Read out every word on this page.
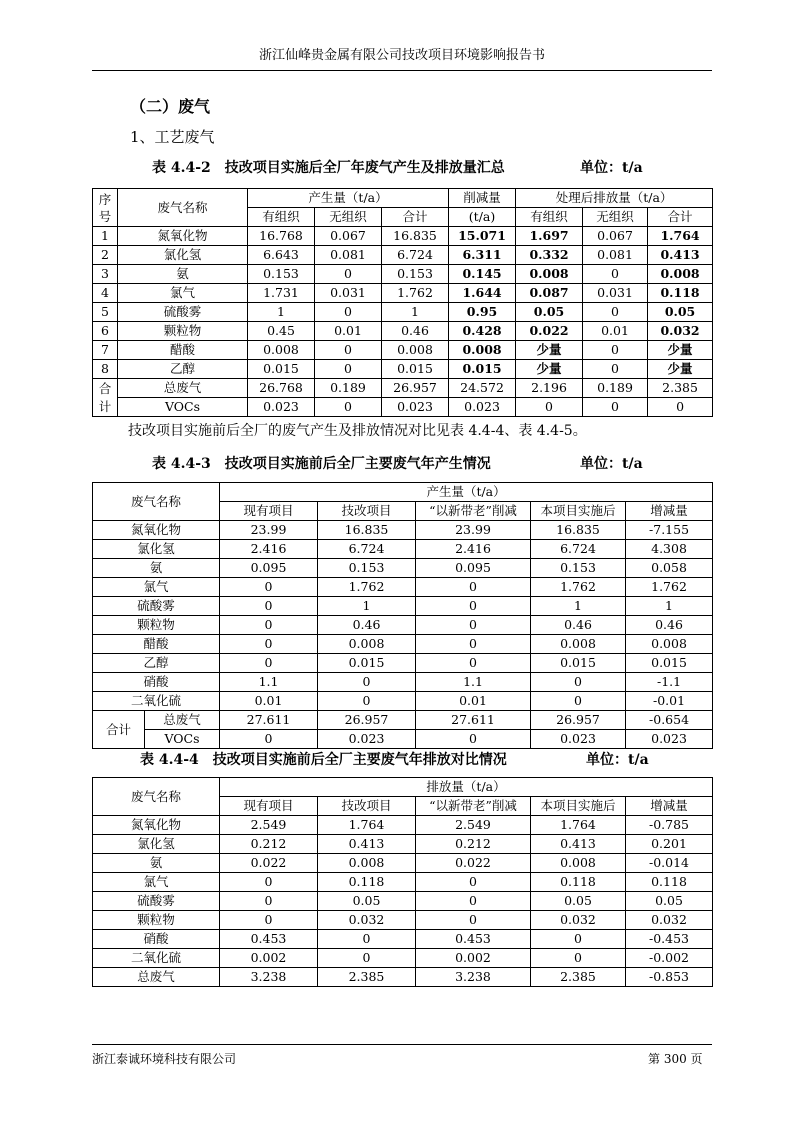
浙江仙峰贵金属有限公司技改项目环境影响报告书
（二）废气
1、工艺废气
表 4.4-2　技改项目实施后全厂年废气产生及排放量汇总	单位：t/a
序号	废气名称	产生量（t/a）			削减量	处理后排放量（t/a）		
		有组织	无组织	合计	(t/a)	有组织	无组织	合计
1	氮氧化物	16.768	0.067	16.835	15.071	1.697	0.067	1.764
2	氯化氢	6.643	0.081	6.724	6.311	0.332	0.081	0.413
3	氨	0.153	0	0.153	0.145	0.008	0	0.008
4	氯气	1.731	0.031	1.762	1.644	0.087	0.031	0.118
5	硫酸雾	1	0	1	0.95	0.05	0	0.05
6	颗粒物	0.45	0.01	0.46	0.428	0.022	0.01	0.032
7	醋酸	0.008	0	0.008	0.008	少量	0	少量
8	乙醇	0.015	0	0.015	0.015	少量	0	少量
合计	总废气	26.768	0.189	26.957	24.572	2.196	0.189	2.385
	VOCs	0.023	0	0.023	0.023	0	0	0
技改项目实施前后全厂的废气产生及排放情况对比见表 4.4-4、表 4.4-5。
表 4.4-3　技改项目实施前后全厂主要废气年产生情况	单位：t/a
废气名称		产生量（t/a）				
		现有项目	技改项目	“以新带老”削减	本项目实施后	增减量
氮氧化物		23.99	16.835	23.99	16.835	-7.155
氯化氢		2.416	6.724	2.416	6.724	4.308
氨		0.095	0.153	0.095	0.153	0.058
氯气		0	1.762	0	1.762	1.762
硫酸雾		0	1	0	1	1
颗粒物		0	0.46	0	0.46	0.46
醋酸		0	0.008	0	0.008	0.008
乙醇		0	0.015	0	0.015	0.015
硝酸		1.1	0	1.1	0	-1.1
二氧化硫		0.01	0	0.01	0	-0.01
合计	总废气	27.611	26.957	27.611	26.957	-0.654
	VOCs	0	0.023	0	0.023	0.023
表 4.4-4　技改项目实施前后全厂主要废气年排放对比情况	单位：t/a
废气名称	排放量（t/a）				
	现有项目	技改项目	“以新带老”削减	本项目实施后	增减量
氮氧化物	2.549	1.764	2.549	1.764	-0.785
氯化氢	0.212	0.413	0.212	0.413	0.201
氨	0.022	0.008	0.022	0.008	-0.014
氯气	0	0.118	0	0.118	0.118
硫酸雾	0	0.05	0	0.05	0.05
颗粒物	0	0.032	0	0.032	0.032
硝酸	0.453	0	0.453	0	-0.453
二氧化硫	0.002	0	0.002	0	-0.002
总废气	3.238	2.385	3.238	2.385	-0.853
浙江泰诚环境科技有限公司	第 300 页
